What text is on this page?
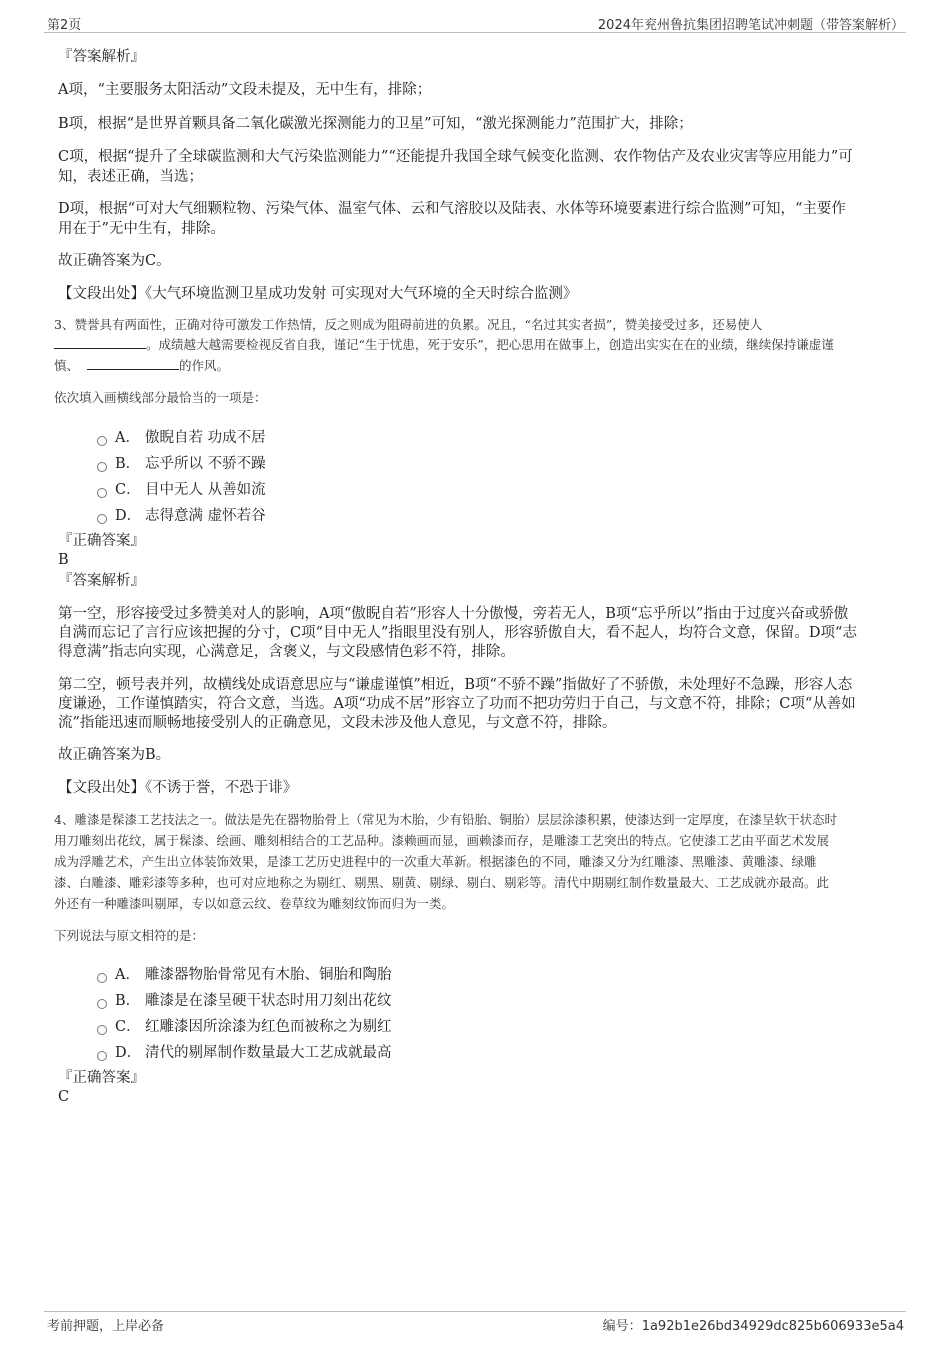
第2页	2024年兖州鲁抗集团招聘笔试冲刺题（带答案解析）
『答案解析』
A项，“主要服务太阳活动”文段未提及，无中生有，排除；
B项，根据“是世界首颗具备二氧化碳激光探测能力的卫星”可知，“激光探测能力”范围扩大，排除；
C项，根据“提升了全球碳监测和大气污染监测能力”“还能提升我国全球气候变化监测、农作物估产及农业灾害等应用能力”可
知，表述正确，当选；
D项，根据“可对大气细颗粒物、污染气体、温室气体、云和气溶胶以及陆表、水体等环境要素进行综合监测”可知，“主要作
用在于”无中生有，排除。
故正确答案为C。
【文段出处】《大气环境监测卫星成功发射 可实现对大气环境的全天时综合监测》
3、赞誉具有两面性，正确对待可激发工作热情，反之则成为阻碍前进的负累。况且，“名过其实者损”，赞美接受过多，还易使人
。成绩越大越需要检视反省自我，谨记“生于忧患，死于安乐”，把心思用在做事上，创造出实实在在的业绩，继续保持谦虚谨
慎、	的作风。
依次填入画横线部分最恰当的一项是：
A． 傲睨自若 功成不居
B． 忘乎所以 不骄不躁
C． 目中无人 从善如流
D． 志得意满 虚怀若谷
『正确答案』
B
『答案解析』
第一空，形容接受过多赞美对人的影响，A项“傲睨自若”形容人十分傲慢，旁若无人，B项“忘乎所以”指由于过度兴奋或骄傲
自满而忘记了言行应该把握的分寸，C项“目中无人”指眼里没有别人，形容骄傲自大，看不起人，均符合文意，保留。D项“志
得意满”指志向实现，心满意足，含褒义，与文段感情色彩不符，排除。
第二空，顿号表并列，故横线处成语意思应与“谦虚谨慎”相近，B项“不骄不躁”指做好了不骄傲，未处理好不急躁，形容人态
度谦逊，工作谨慎踏实，符合文意，当选。A项“功成不居”形容立了功而不把功劳归于自己，与文意不符，排除；C项“从善如
流”指能迅速而顺畅地接受别人的正确意见，文段未涉及他人意见，与文意不符，排除。
故正确答案为B。
【文段出处】《不诱于誉，不恐于诽》
4、雕漆是髹漆工艺技法之一。做法是先在器物胎骨上（常见为木胎，少有铅胎、铜胎）层层涂漆积累，使漆达到一定厚度，在漆呈软干状态时
用刀雕刻出花纹，属于髹漆、绘画、雕刻相结合的工艺品种。漆赖画而显，画赖漆而存，是雕漆工艺突出的特点。它使漆工艺由平面艺术发展
成为浮雕艺术，产生出立体装饰效果，是漆工艺历史进程中的一次重大革新。根据漆色的不同，雕漆又分为红雕漆、黑雕漆、黄雕漆、绿雕
漆、白雕漆、雕彩漆等多种，也可对应地称之为剔红、剔黑、剔黄、剔绿、剔白、剔彩等。清代中期剔红制作数量最大、工艺成就亦最高。此
外还有一种雕漆叫剔犀，专以如意云纹、卷草纹为雕刻纹饰而归为一类。
下列说法与原文相符的是：
A． 雕漆器物胎骨常见有木胎、铜胎和陶胎
B． 雕漆是在漆呈硬干状态时用刀刻出花纹
C． 红雕漆因所涂漆为红色而被称之为剔红
D． 清代的剔犀制作数量最大工艺成就最高
『正确答案』
C
考前押题，上岸必备	编号：1a92b1e26bd34929dc825b606933e5a4
